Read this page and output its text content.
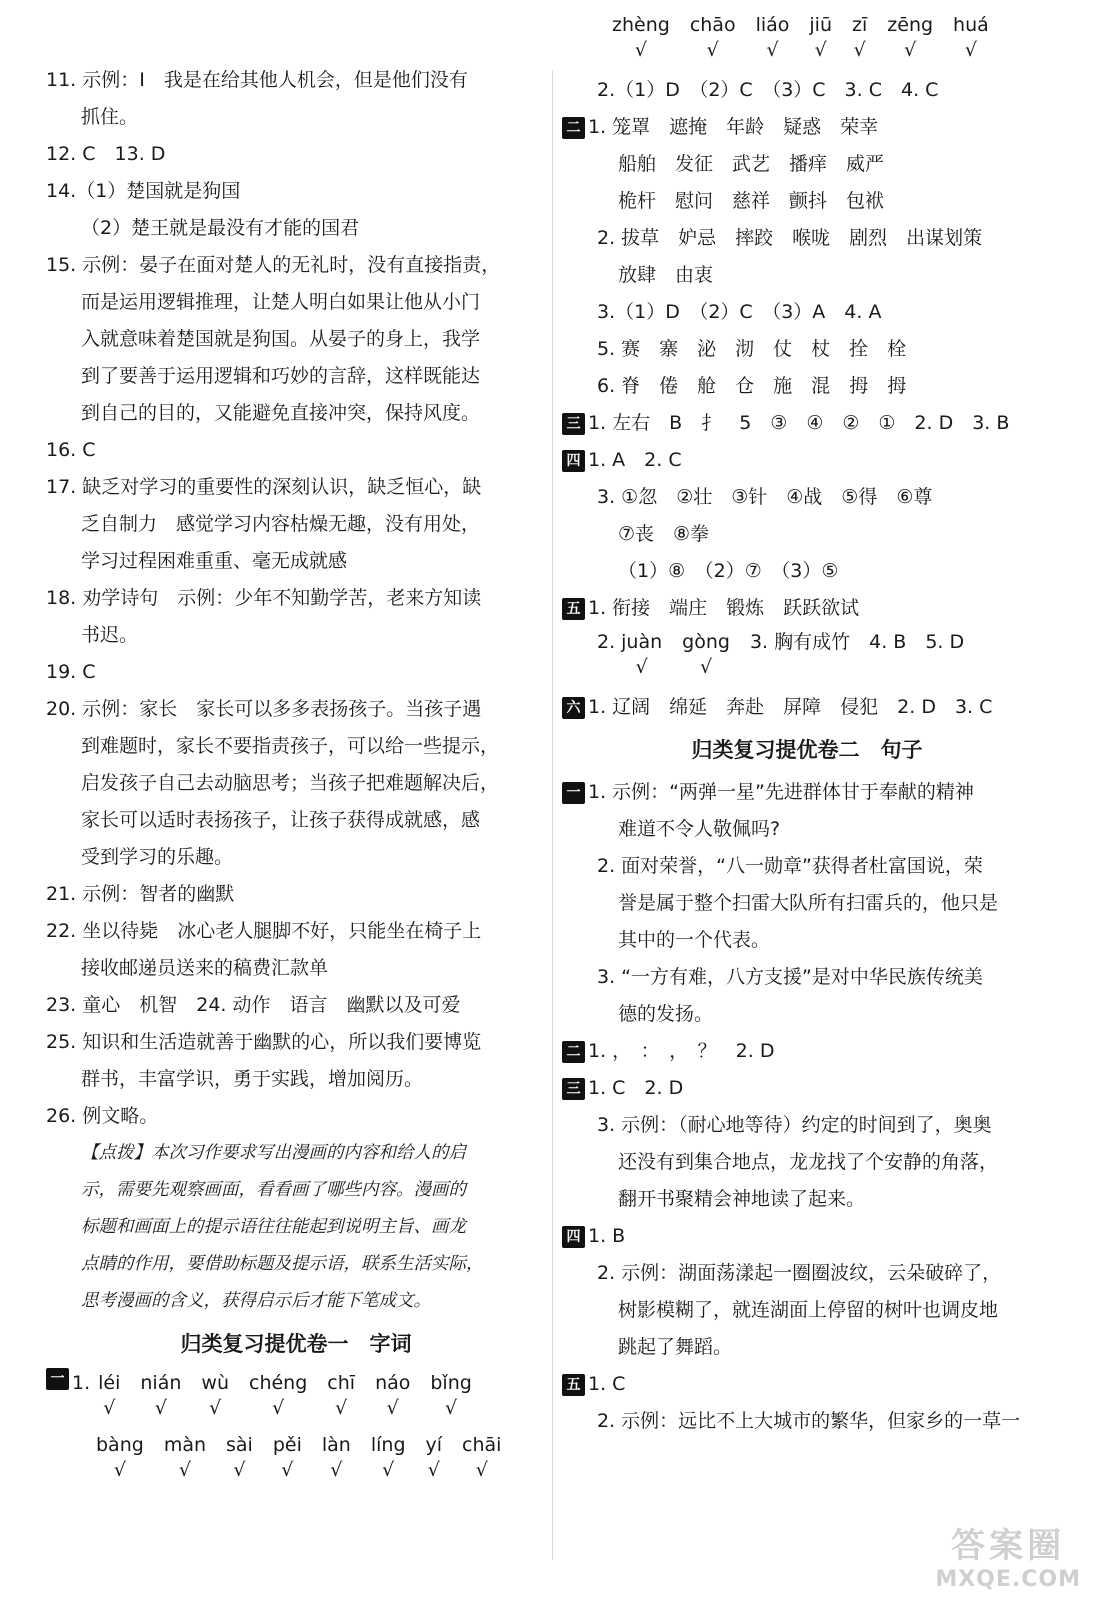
11. 示例：I　我是在给其他人机会，但是他们没有
抓住。
12. C　13. D
14.（1）楚国就是狗国
（2）楚王就是最没有才能的国君
15. 示例：晏子在面对楚人的无礼时，没有直接指责，
而是运用逻辑推理，让楚人明白如果让他从小门
入就意味着楚国就是狗国。从晏子的身上，我学
到了要善于运用逻辑和巧妙的言辞，这样既能达
到自己的目的，又能避免直接冲突，保持风度。
16. C
17. 缺乏对学习的重要性的深刻认识，缺乏恒心，缺
乏自制力　感觉学习内容枯燥无趣，没有用处，
学习过程困难重重、毫无成就感
18. 劝学诗句　示例：少年不知勤学苦，老来方知读
书迟。
19. C
20. 示例：家长　家长可以多多表扬孩子。当孩子遇
到难题时，家长不要指责孩子，可以给一些提示，
启发孩子自己去动脑思考；当孩子把难题解决后，
家长可以适时表扬孩子，让孩子获得成就感，感
受到学习的乐趣。
21. 示例：智者的幽默
22. 坐以待毙　冰心老人腿脚不好，只能坐在椅子上
接收邮递员送来的稿费汇款单
23. 童心　机智　24. 动作　语言　幽默以及可爱
25. 知识和生活造就善于幽默的心，所以我们要博览
群书，丰富学识，勇于实践，增加阅历。
26. 例文略。
【点拨】本次习作要求写出漫画的内容和给人的启
示，需要先观察画面，看看画了哪些内容。漫画的
标题和画面上的提示语往往能起到说明主旨、画龙
点睛的作用，要借助标题及提示语，联系生活实际，
思考漫画的含义，获得启示后才能下笔成文。
归类复习提优卷一　字词
一 1. léi
√
nián
√
wù
√
chéng
√
chī
√
náo
√
bǐng
√
bàng
√
màn
√
sài
√
pěi
√
làn
√
líng
√
yí
√
chāi
√
zhèng
√
chāo
√
liáo
√
jiū
√
zī
√
zēng
√
huá
√
2.（1）D　（2）C　（3）C　3. C　4. C
二 1. 笼罩　遮掩　年龄　疑惑　荣幸
船舶　发征　武艺　播痒　威严
桅杆　慰问　慈祥　颤抖　包袱
2. 拔草　妒忌　摔跤　喉咙　剧烈　出谋划策
放肆　由衷
3.（1）D　（2）C　（3）A　4. A
5. 赛　寨　泌　沏　仗　杖　拴　栓
6. 脊　倦　舱　仓　施　混　拇　拇
三 1. 左右　B　扌　5　③　④　②　①　2. D　3. B
四 1. A　2. C
3. ①忽　②壮　③针　④战　⑤得　⑥尊
⑦丧　⑧拳
（1）⑧　（2）⑦　（3）⑤
五 1. 衔接　端庄　锻炼　跃跃欲试
2. juàn
√
gòng
√
3. 胸有成竹　4. B　5. D
六 1. 辽阔　绵延　奔赴　屏障　侵犯　2. D　3. C
归类复习提优卷二　句子
一 1. 示例：“两弹一星”先进群体甘于奉献的精神
难道不令人敬佩吗?
2. 面对荣誉，“八一勋章”获得者杜富国说，荣
誉是属于整个扫雷大队所有扫雷兵的，他只是
其中的一个代表。
3. “一方有难，八方支援”是对中华民族传统美
德的发扬。
二 1. ，　：　，　？　2. D
三 1. C　2. D
3. 示例：（耐心地等待）约定的时间到了，奥奥
还没有到集合地点，龙龙找了个安静的角落，
翻开书聚精会神地读了起来。
四 1. B
2. 示例：湖面荡漾起一圈圈波纹，云朵破碎了，
树影模糊了，就连湖面上停留的树叶也调皮地
跳起了舞蹈。
五 1. C
2. 示例：远比不上大城市的繁华，但家乡的一草一
答案圈
MXQE.COM
